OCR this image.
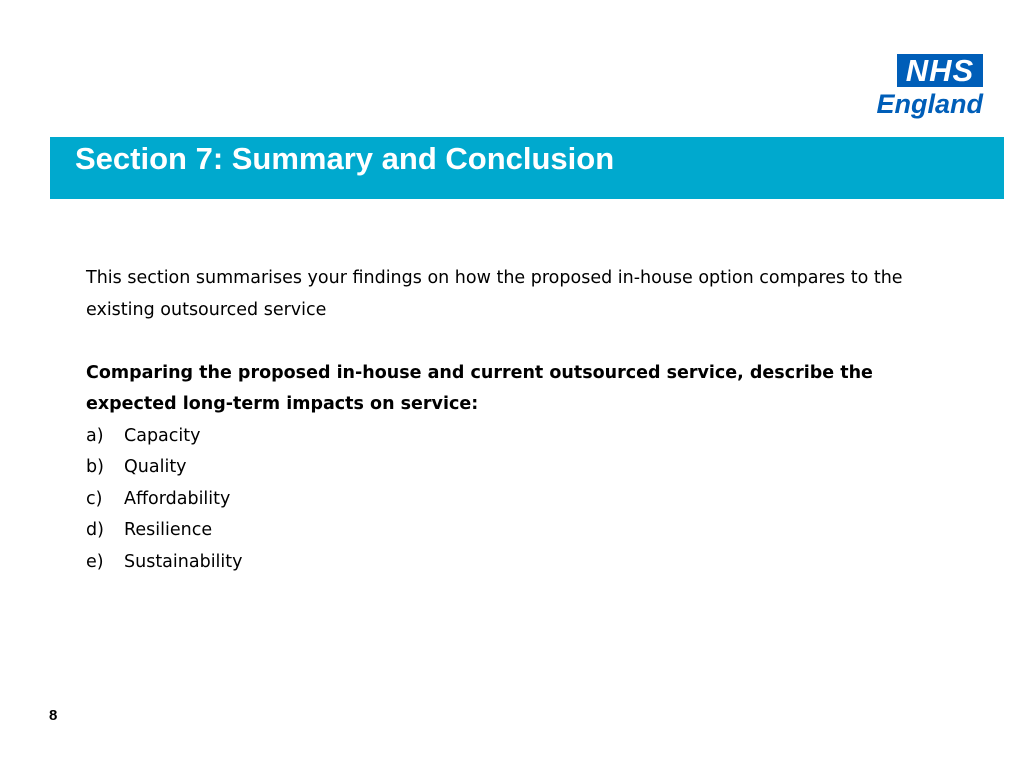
NHS
England
Section 7: Summary and Conclusion

This section summarises your findings on how the proposed in-house option compares to the existing outsourced service

Comparing the proposed in-house and current outsourced service, describe the expected long-term impacts on service:

a)	Capacity
b)	Quality
c)	Affordability
d)	Resilience
e)	Sustainability
8
